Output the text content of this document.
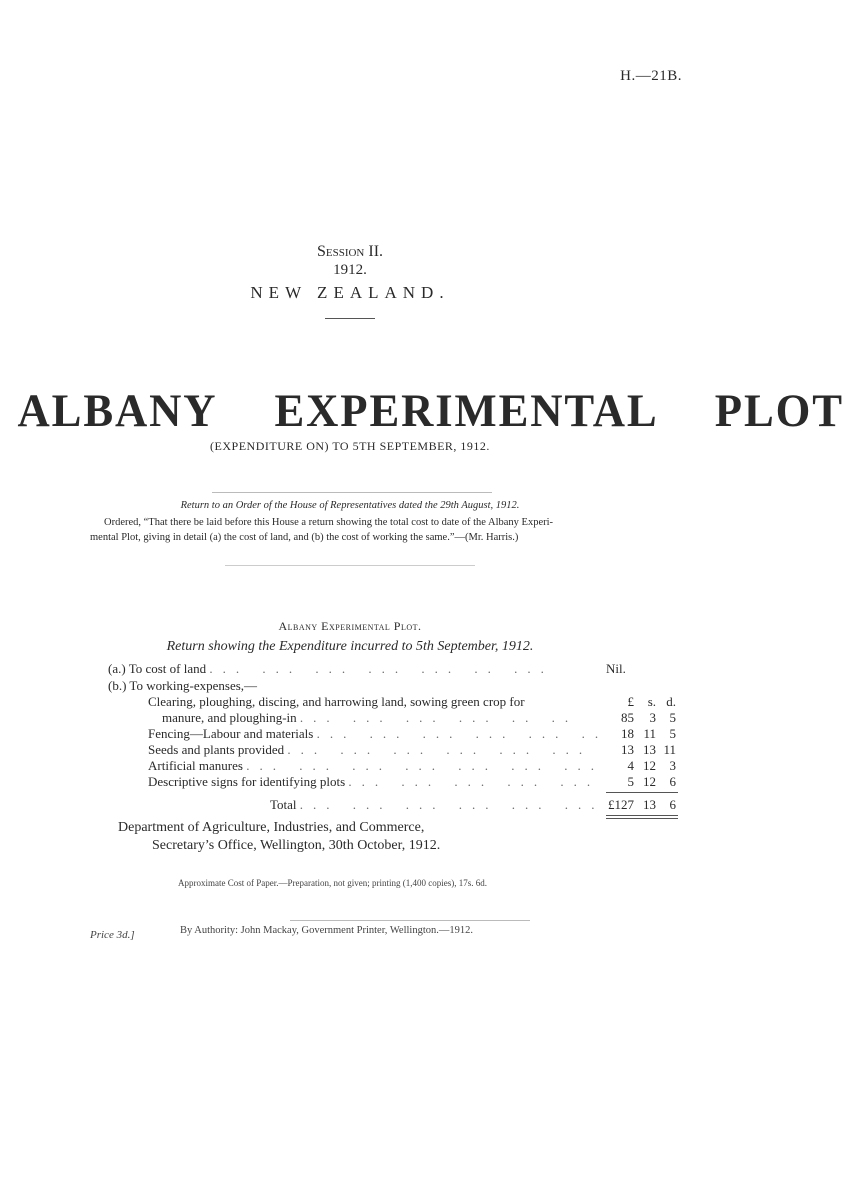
H.—21B.
Session II.
1912.
NEW ZEALAND.
ALBANY EXPERIMENTAL PLOT
(EXPENDITURE ON) TO 5TH SEPTEMBER, 1912.
Return to an Order of the House of Representatives dated the 29th August, 1912.
Ordered, “That there be laid before this House a return showing the total cost to date of the Albany Experi-
mental Plot, giving in detail (a) the cost of land, and (b) the cost of working the same.”—(Mr. Harris.)
Albany Experimental Plot.
Return showing the Expenditure incurred to 5th September, 1912.
(a.) To cost of land ... ... ... ... ... .. ...	Nil.
(b.) To working-expenses,—
Clearing, ploughing, discing, and harrowing land, sowing green crop for	£	s. d.
manure, and ploughing-in ... ... ... ... .. ..	85	3	5
Fencing—Labour and materials ... ... ... ... ... .. 18 11	5
Seeds and plants provided ... ... ... ... ... ...	13 13 11
Artificial manures ... ... ... ... ... ... ...	4 12	3
Descriptive signs for identifying plots ... ... ... ... ...	5 12	6
Total ... ... ... ... ... ... £127 13	6
Department of Agriculture, Industries, and Commerce,
Secretary’s Office, Wellington, 30th October, 1912.
Approximate Cost of Paper.—Preparation, not given; printing (1,400 copies), 17s. 6d.
By Authority: John Mackay, Government Printer, Wellington.—1912.
Price 3d.]
